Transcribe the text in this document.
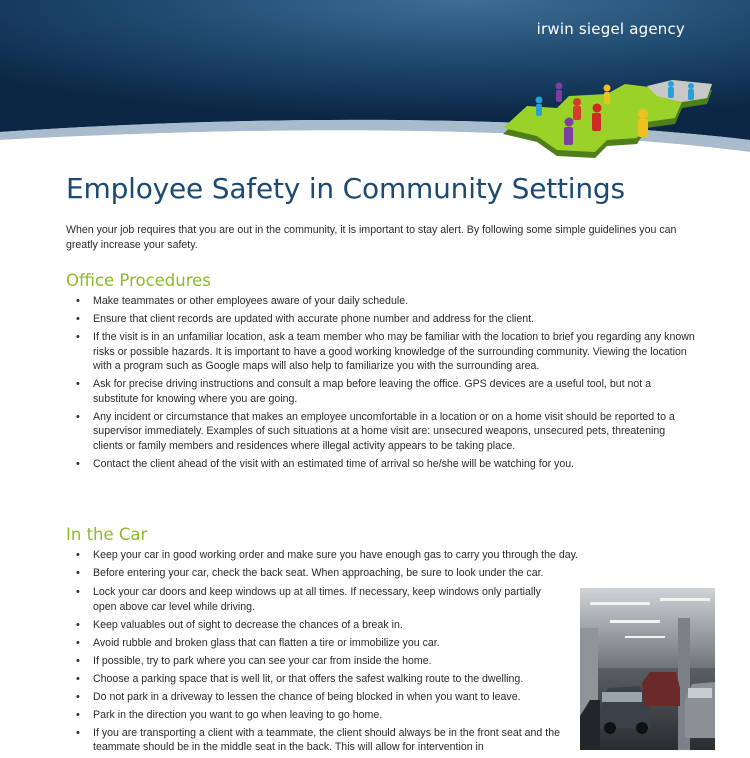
irwin siegel agency
Employee Safety in Community Settings

When your job requires that you are out in the community, it is important to stay alert. By following some simple guidelines you can greatly increase your safety.

Office Procedures
• Make teammates or other employees aware of your daily schedule.
• Ensure that client records are updated with accurate phone number and address for the client.
• If the visit is in an unfamiliar location, ask a team member who may be familiar with the location to brief you regarding any known risks or possible hazards. It is important to have a good working knowledge of the surrounding community. Viewing the location with a program such as Google maps will also help to familiarize you with the surrounding area.
• Ask for precise driving instructions and consult a map before leaving the office. GPS devices are a useful tool, but not a substitute for knowing where you are going.
• Any incident or circumstance that makes an employee uncomfortable in a location or on a home visit should be reported to a supervisor immediately. Examples of such situations at a home visit are: unsecured weapons, unsecured pets, threatening clients or family members and residences where illegal activity appears to be taking place.
• Contact the client ahead of the visit with an estimated time of arrival so he/she will be watching for you.
In the Car
• Keep your car in good working order and make sure you have enough gas to carry you through the day.
• Before entering your car, check the back seat. When approaching, be sure to look under the car.
• Lock your car doors and keep windows up at all times. If necessary, keep windows only partially open above car level while driving.
• Keep valuables out of sight to decrease the chances of a break in.
• Avoid rubble and broken glass that can flatten a tire or immobilize you car.
• If possible, try to park where you can see your car from inside the home.
• Choose a parking space that is well lit, or that offers the safest walking route to the dwelling.
• Do not park in a driveway to lessen the chance of being blocked in when you want to leave.
• Park in the direction you want to go when leaving to go home.
• If you are transporting a client with a teammate, the client should always be in the front seat and the teammate should be in the middle seat in the back. This will allow for intervention in
